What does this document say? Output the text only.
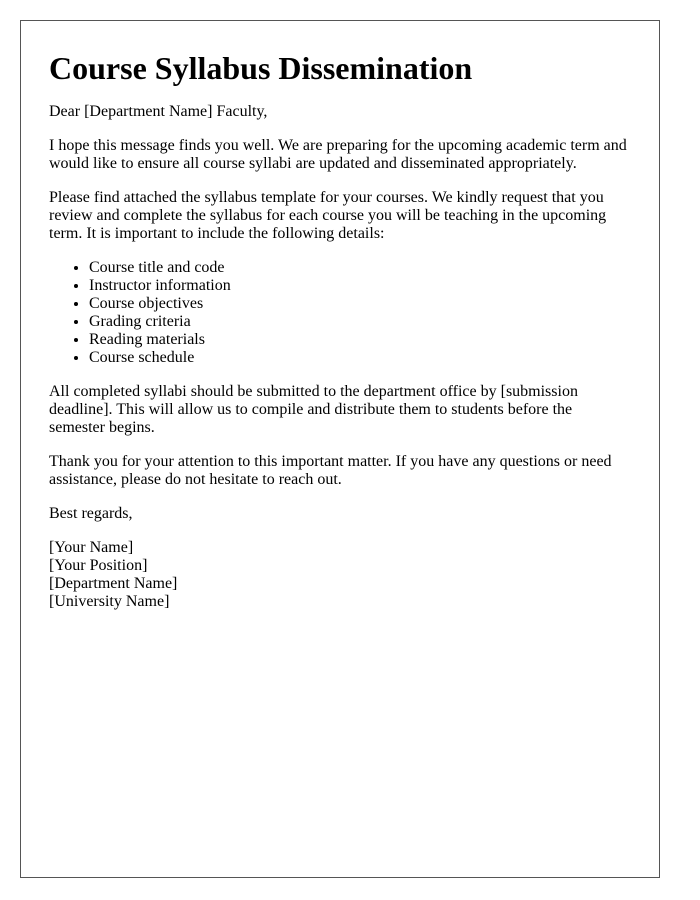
Course Syllabus Dissemination

Dear [Department Name] Faculty,

I hope this message finds you well. We are preparing for the upcoming academic term and would like to ensure all course syllabi are updated and disseminated appropriately.

Please find attached the syllabus template for your courses. We kindly request that you review and complete the syllabus for each course you will be teaching in the upcoming term. It is important to include the following details:

• Course title and code
• Instructor information
• Course objectives
• Grading criteria
• Reading materials
• Course schedule

All completed syllabi should be submitted to the department office by [submission deadline]. This will allow us to compile and distribute them to students before the semester begins.

Thank you for your attention to this important matter. If you have any questions or need assistance, please do not hesitate to reach out.

Best regards,

[Your Name]
[Your Position]
[Department Name]
[University Name]
